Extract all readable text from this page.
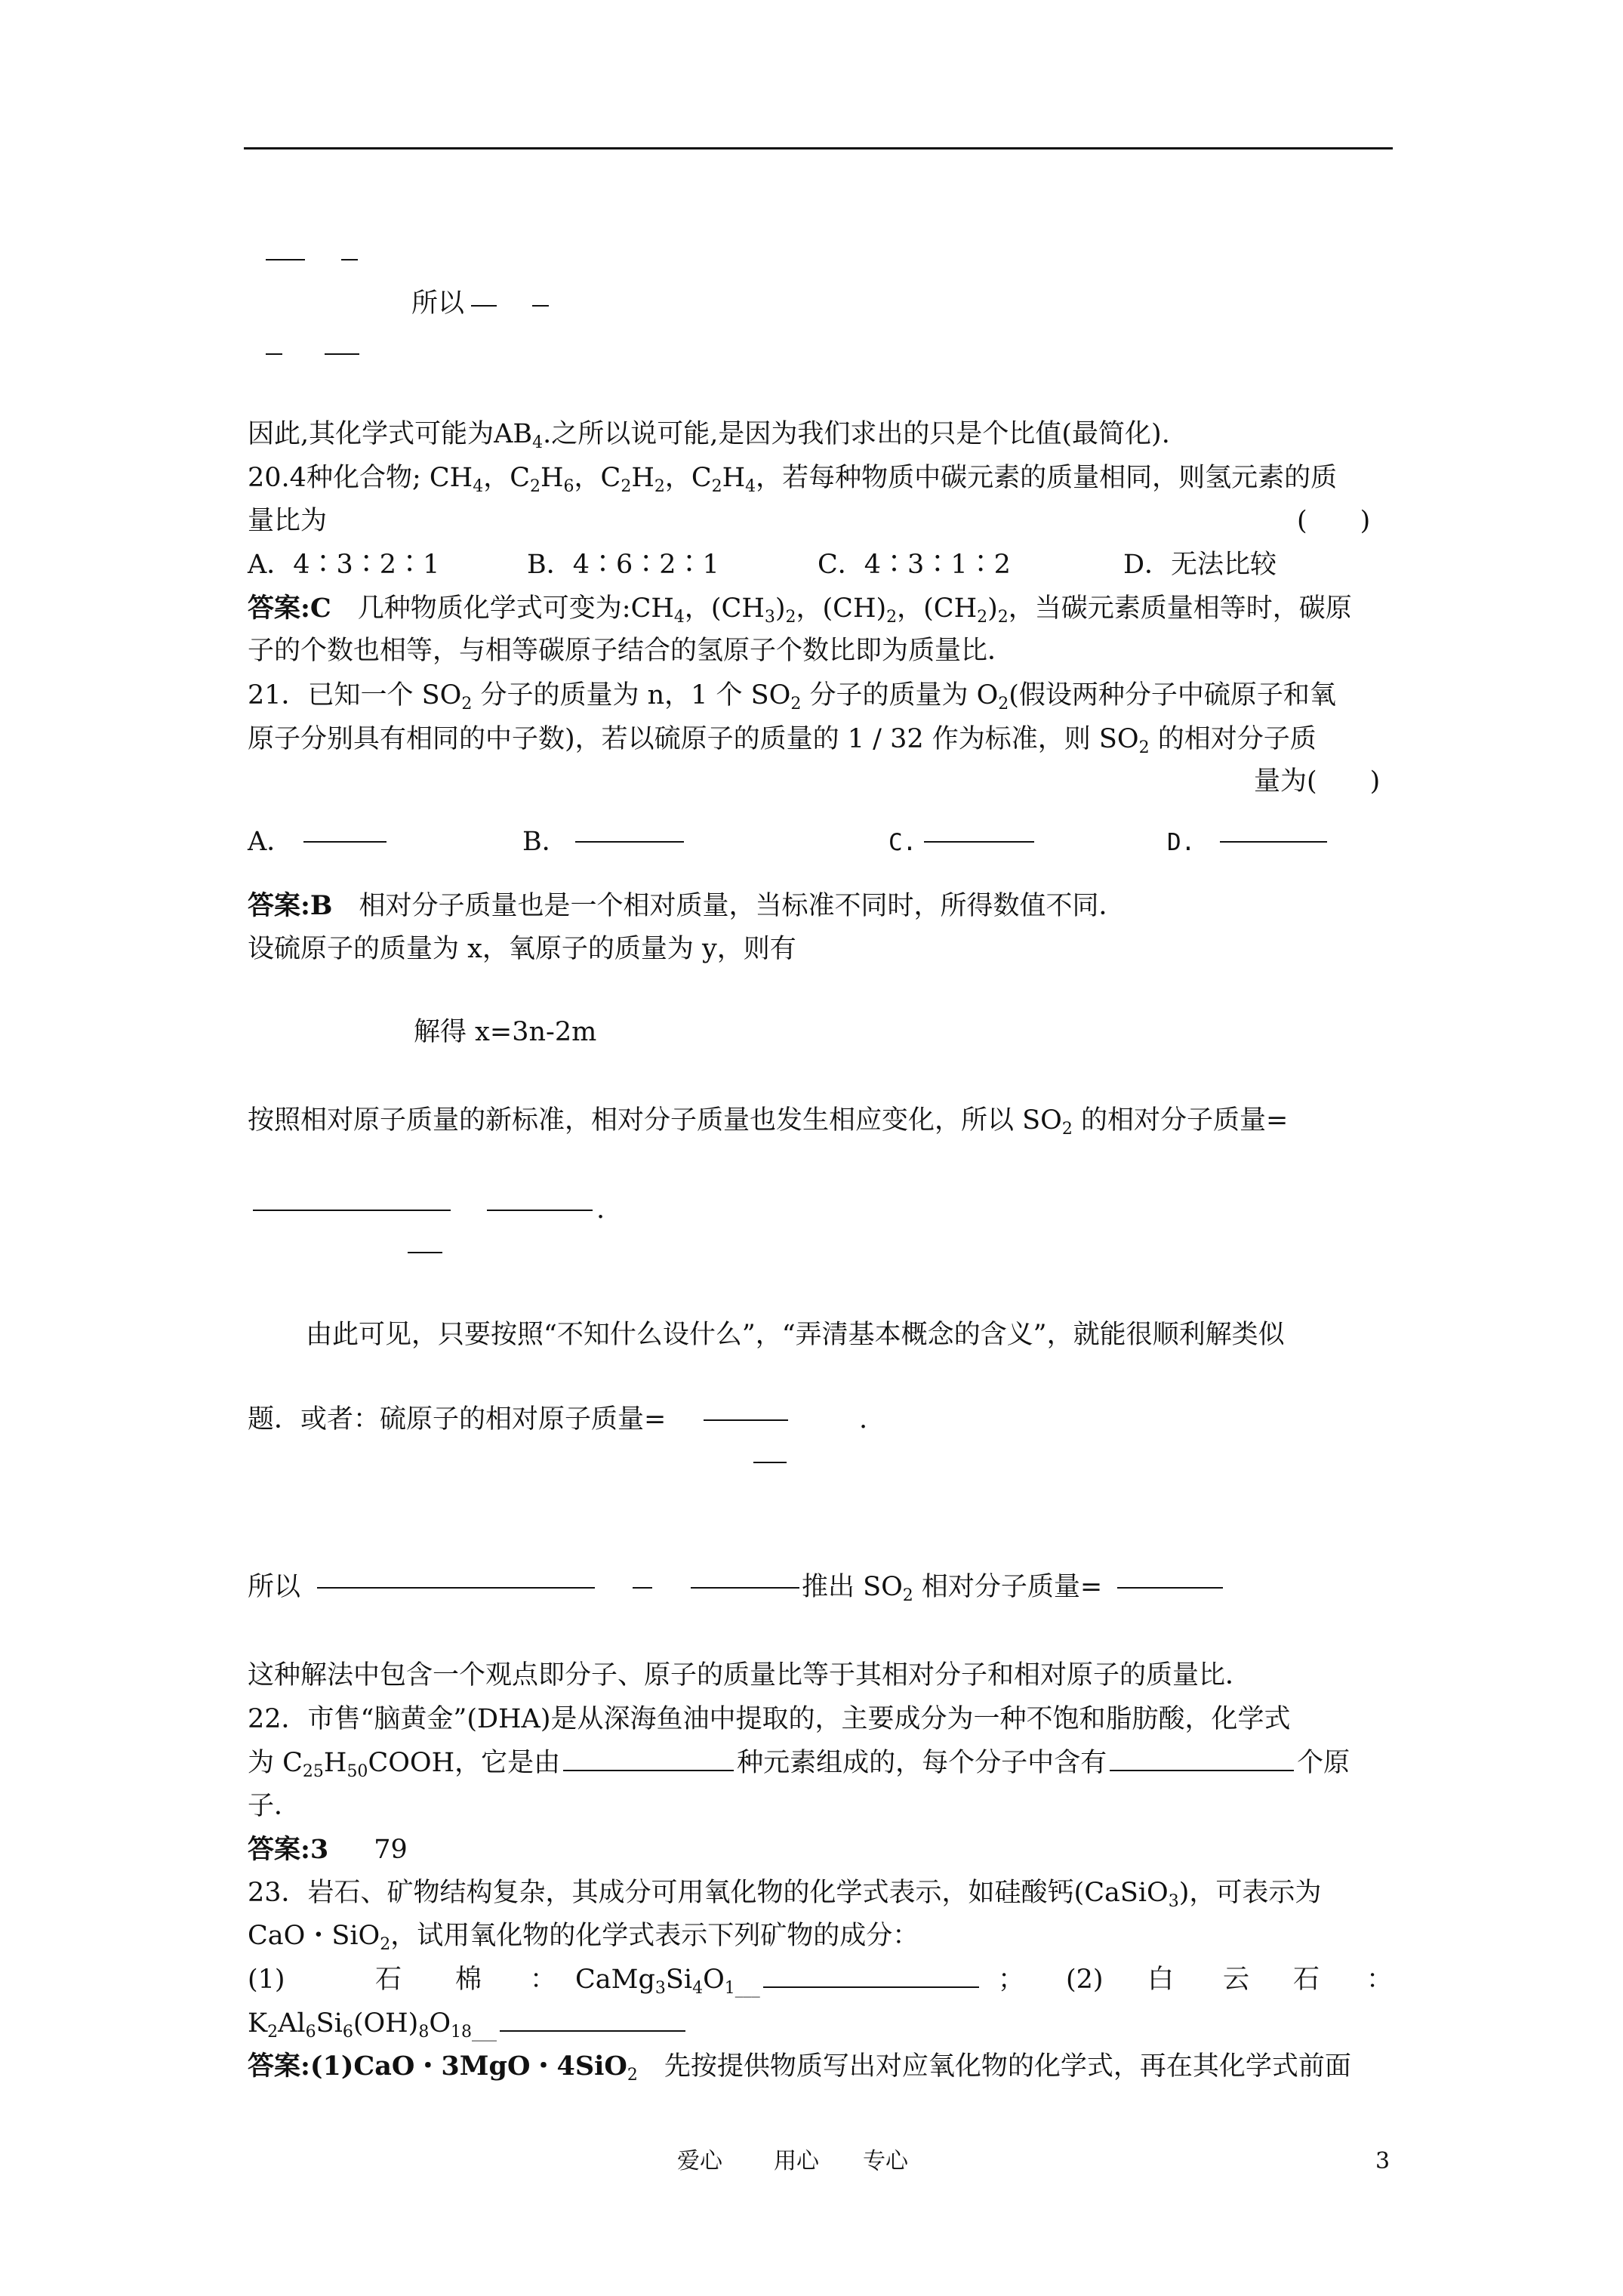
所以
因此,其化学式可能为$AB_4$.之所以说可能,是因为我们求出的只是个比值(最简化).
20.4种化合物; $CH_4$，$C_2H_6$，$C_2H_2$，$C_2H_4$，若每种物质中碳元素的质量相同，则氢元素的质
量比为	(　　)
A．4∶3∶2∶1	B．4∶6∶2∶1	C．4∶3∶1∶2	D．无法比较
答案:C　几种物质化学式可变为$:CH_4$，$(CH_3)_2$，$(CH)_2$，$(CH_2)_2$，当碳元素质量相等时，碳原
子的个数也相等，与相等碳原子结合的氢原子个数比即为质量比．
21．已知一个 $SO_2$ 分子的质量为 n，1 个 $SO_2$ 分子的质量为 $O_2$(假设两种分子中硫原子和氧
原子分别具有相同的中子数)，若以硫原子的质量的 1 / 32 作为标准，则 $SO_2$ 的相对分子质
量为(　　)
A．	B．	C.	D.
答案:B　相对分子质量也是一个相对质量，当标准不同时，所得数值不同．
设硫原子的质量为 x，氧原子的质量为 y，则有
解得 x=3n-2m
按照相对原子质量的新标准，相对分子质量也发生相应变化，所以 $SO_2$ 的相对分子质量=
.
由此可见，只要按照“不知什么设什么”，“弄清基本概念的含义”，就能很顺利解类似
题．或者：硫原子的相对原子质量=	.
所以	推出 $SO_2$ 相对分子质量=
这种解法中包含一个观点即分子、原子的质量比等于其相对分子和相对原子的质量比．
22．市售“脑黄金”(DHA)是从深海鱼油中提取的，主要成分为一种不饱和脂肪酸，化学式
为 $C_{25}H_{50}COOH$，它是由	种元素组成的，每个分子中含有	个原
子．
答案:3 79
23．岩石、矿物结构复杂，其成分可用氧化物的化学式表示，如硅酸钙(CaSiO$_3$)，可表示为
CaO・SiO$_2$，试用氧化物的化学式表示下列矿物的成分：
(1)	石 棉 ： $CaMg_3Si_4O_{1\_\_\_}$	； (2) 白 云 石 ：
$K_2Al_6Si_6(OH)_8O_{18\_\_\_}$
答案:(1)CaO・3MgO・4SiO$_2$　先按提供物质写出对应氧化物的化学式，再在其化学式前面
爱心 用心 专心	3
